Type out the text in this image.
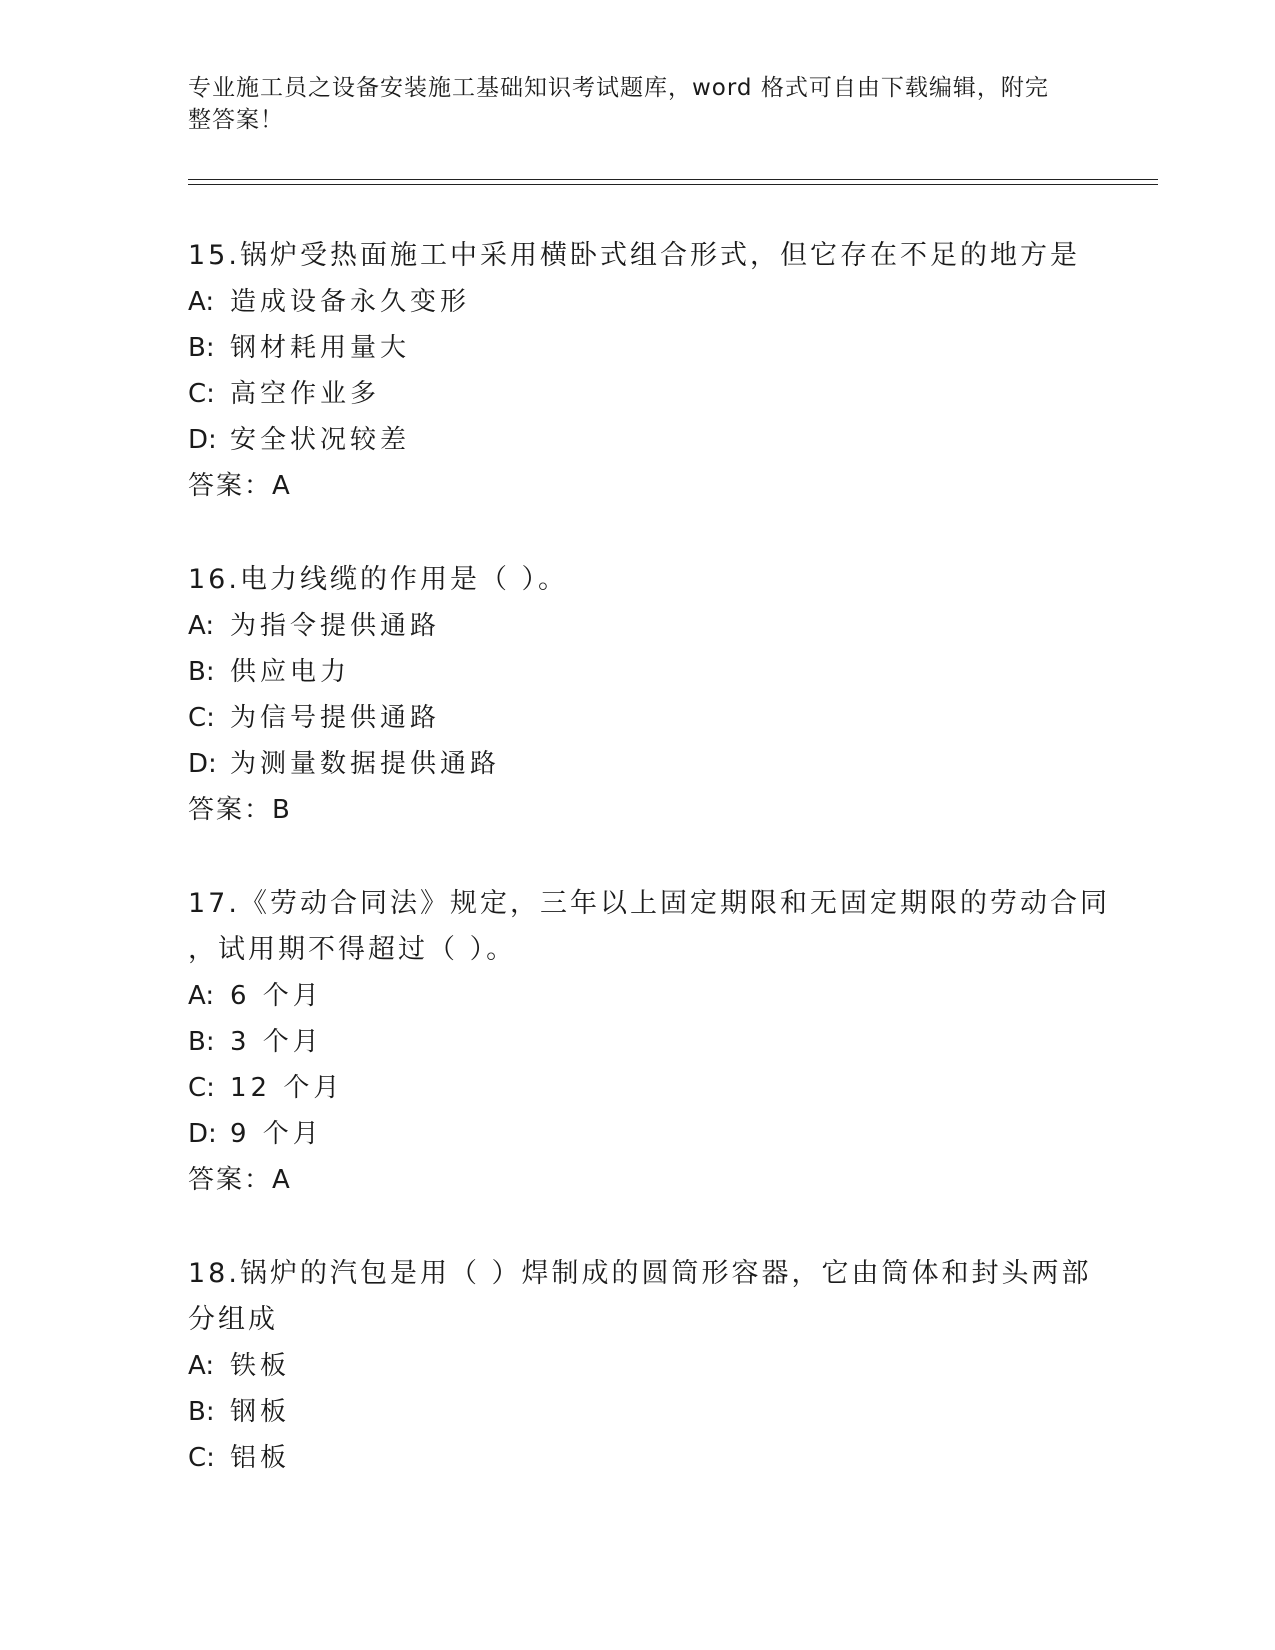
专业施工员之设备安装施工基础知识考试题库，word 格式可自由下载编辑，附完
整答案！
15.锅炉受热面施工中采用横卧式组合形式，但它存在不足的地方是
A: 造成设备永久变形
B: 钢材耗用量大
C: 高空作业多
D: 安全状况较差
答案：A
16.电力线缆的作用是（ ）。
A: 为指令提供通路
B: 供应电力
C: 为信号提供通路
D: 为测量数据提供通路
答案：B
17.《劳动合同法》规定，三年以上固定期限和无固定期限的劳动合同
，试用期不得超过（ ）。
A: 6 个月
B: 3 个月
C: 12 个月
D: 9 个月
答案：A
18.锅炉的汽包是用（ ）焊制成的圆筒形容器，它由筒体和封头两部
分组成
A: 铁板
B: 钢板
C: 铝板
